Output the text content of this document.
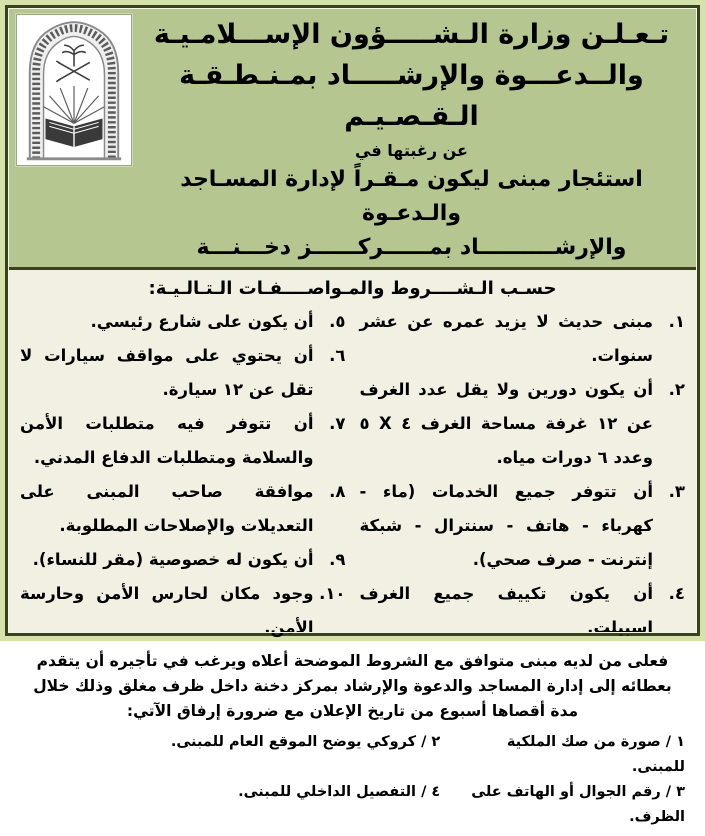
تـعـلـن وزارة الـشـــــؤون الإســـلامـيـة
والــدعـــوة والإرشـــــاد بمـنـطـقـة الـقـصـيـم
عن رغبتها في
استئجار مبنى ليكون مـقـراً لإدارة المسـاجد والـدعـوة
والإرشــــــــــاد بمــــــركــــــز دخـــنـــة
حسـب الـشــــروط والمـواصــــفـات الـتـالـيـة:
١.
مبنى حديث لا يزيد عمره عن عشر سنوات.
٢.
أن يكون دورين ولا يقل عدد الغرف عن ١٢ غرفة مساحة الغرف ٤ X ٥ وعدد ٦ دورات مياه.
٣.
أن تتوفر جميع الخدمات (ماء - كهرباء - هاتف - سنترال - شبكة إنترنت - صرف صحي).
٤.
أن يكون تكييف جميع الغرف اسبيلت.
٥.
أن يكون على شارع رئيسي.
٦.
أن يحتوي على مواقف سيارات لا تقل عن ١٢ سيارة.
٧.
أن تتوفر فيه متطلبات الأمن والسلامة ومتطلبات الدفاع المدني.
٨.
موافقة صاحب المبنى على التعديلات والإصلاحات المطلوبة.
٩.
أن يكون له خصوصية (مقر للنساء).
١٠.
وجود مكان لحارس الأمن وحارسة الأمن.
فعلى من لديه مبنى متوافق مع الشروط الموضحة أعلاه ويرغب في تأجيره أن يتقدم بعطائه إلى إدارة المساجد والدعوة والإرشاد بمركز دخنة داخل ظرف مغلق وذلك خلال مدة أقصاها أسبوع من تاريخ الإعلان مع ضرورة إرفاق الآتي:
١ / صورة من صك الملكية للمبنى.
٢ / كروكي يوضح الموقع العام للمبنى.
٣ / رقم الجوال أو الهاتف على الظرف.
٤ / التفصيل الداخلي للمبنى.
